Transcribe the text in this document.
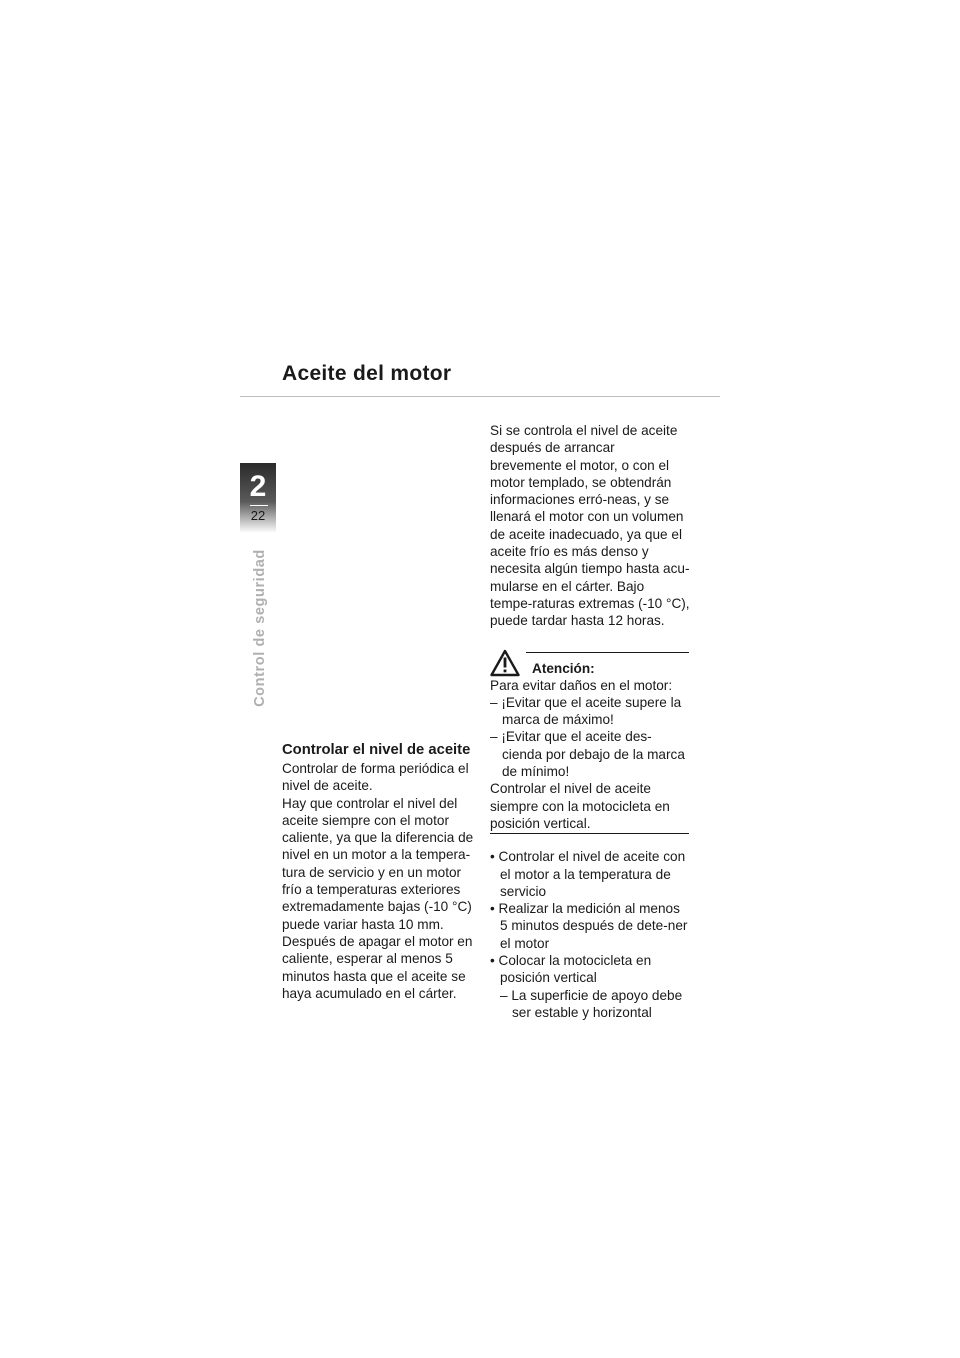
Aceite del motor
2
22
Control de seguridad
Controlar el nivel de aceite

Controlar de forma periódica el nivel de aceite.

Hay que controlar el nivel del aceite siempre con el motor caliente, ya que la diferencia de nivel en un motor a la tempera-tura de servicio y en un motor frío a temperaturas exteriores extremadamente bajas (-10 °C) puede variar hasta 10 mm.

Después de apagar el motor en caliente, esperar al menos 5 minutos hasta que el aceite se haya acumulado en el cárter.

Si se controla el nivel de aceite después de arrancar brevemente el motor, o con el motor templado, se obtendrán informaciones erró-neas, y se llenará el motor con un volumen de aceite inadecuado, ya que el aceite frío es más denso y necesita algún tiempo hasta acu-mularse en el cárter. Bajo tempe-raturas extremas (-10 °C), puede tardar hasta 12 horas.

Atención:

Para evitar daños en el motor:

– ¡Evitar que el aceite supere la marca de máximo!

– ¡Evitar que el aceite des-cienda por debajo de la marca de mínimo!

Controlar el nivel de aceite siempre con la motocicleta en posición vertical.

• Controlar el nivel de aceite con el motor a la temperatura de servicio

• Realizar la medición al menos 5 minutos después de dete-ner el motor

• Colocar la motocicleta en posición vertical

– La superficie de apoyo debe ser estable y horizontal
